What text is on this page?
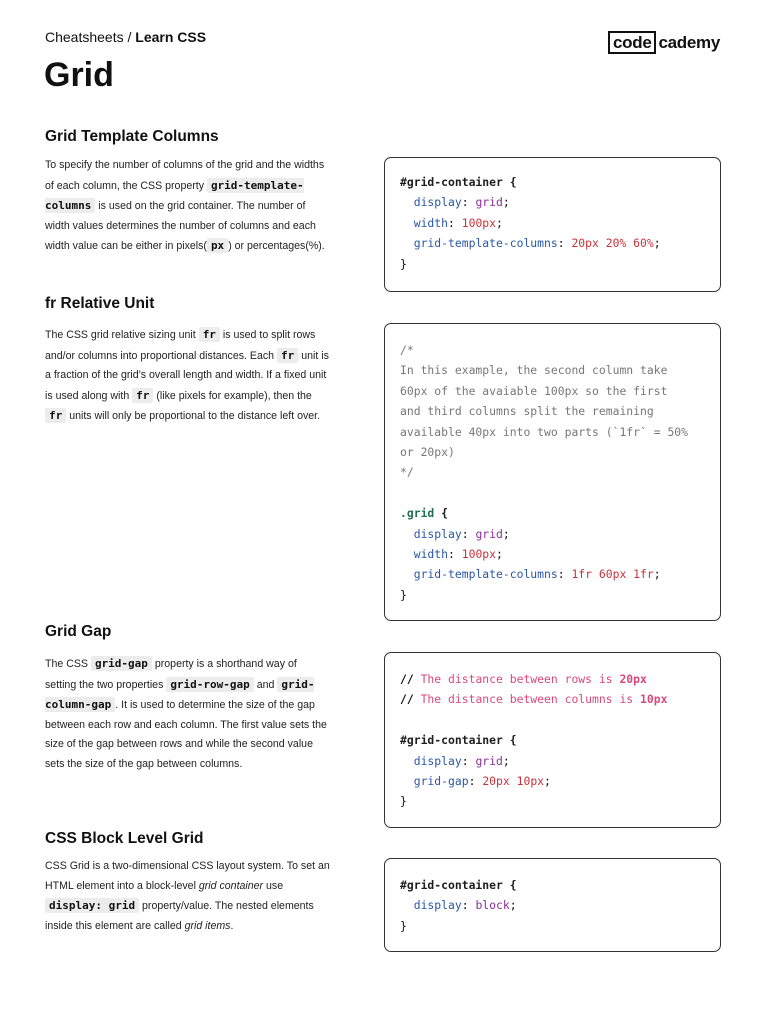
Cheatsheets / Learn CSS	code cademy
Grid
Grid Template Columns

To specify the number of columns of the grid and the widths of each column, the CSS property grid-template-columns is used on the grid container. The number of width values determines the number of columns and each width value can be either in pixels( px ) or percentages(%).

#grid-container {
display: grid;
width: 100px;
grid-template-columns: 20px 20% 60%;
}
fr Relative Unit

The CSS grid relative sizing unit fr is used to split rows and/or columns into proportional distances. Each fr unit is a fraction of the grid’s overall length and width. If a fixed unit is used along with fr (like pixels for example), then the fr units will only be proportional to the distance left over.

/*
In this example, the second column take
60px of the avaiable 100px so the first
and third columns split the remaining
available 40px into two parts (`1fr` = 50%
or 20px)
*/

.grid {
display: grid;
width: 100px;
grid-template-columns: 1fr 60px 1fr;
}
Grid Gap

The CSS grid-gap property is a shorthand way of setting the two properties grid-row-gap and grid-column-gap . It is used to determine the size of the gap between each row and each column. The first value sets the size of the gap between rows and while the second value sets the size of the gap between columns.

// The distance between rows is 20px
// The distance between columns is 10px

#grid-container {
display: grid;
grid-gap: 20px 10px;
}
CSS Block Level Grid

CSS Grid is a two-dimensional CSS layout system. To set an HTML element into a block-level grid container use display: grid property/value. The nested elements inside this element are called grid items.

#grid-container {
display: block;
}
